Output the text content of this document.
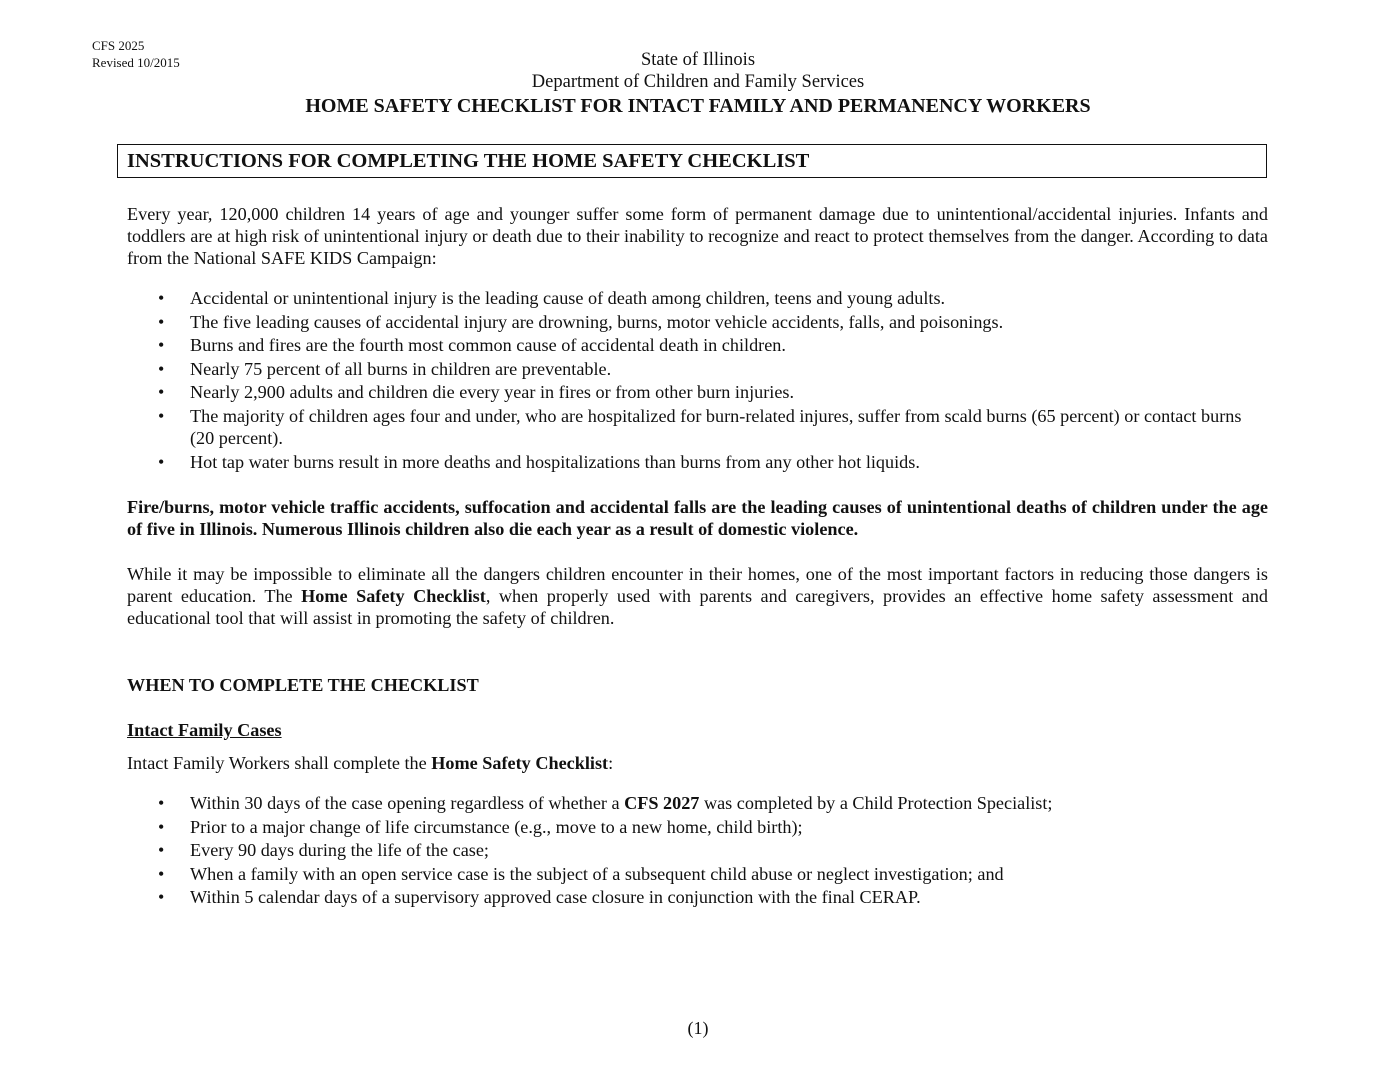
CFS 2025
Revised 10/2015	State of Illinois
Department of Children and Family Services
HOME SAFETY CHECKLIST FOR INTACT FAMILY AND PERMANENCY WORKERS
INSTRUCTIONS FOR COMPLETING THE HOME SAFETY CHECKLIST
Every year, 120,000 children 14 years of age and younger suffer some form of permanent damage due to unintentional/accidental injuries. Infants and toddlers are at high risk of unintentional injury or death due to their inability to recognize and react to protect themselves from the danger. According to data from the National SAFE KIDS Campaign:
• Accidental or unintentional injury is the leading cause of death among children, teens and young adults.
• The five leading causes of accidental injury are drowning, burns, motor vehicle accidents, falls, and poisonings.
• Burns and fires are the fourth most common cause of accidental death in children.
• Nearly 75 percent of all burns in children are preventable.
• Nearly 2,900 adults and children die every year in fires or from other burn injuries.
• The majority of children ages four and under, who are hospitalized for burn-related injures, suffer from scald burns (65 percent) or contact burns (20 percent).
• Hot tap water burns result in more deaths and hospitalizations than burns from any other hot liquids.
Fire/burns, motor vehicle traffic accidents, suffocation and accidental falls are the leading causes of unintentional deaths of children under the age of five in Illinois. Numerous Illinois children also die each year as a result of domestic violence.
While it may be impossible to eliminate all the dangers children encounter in their homes, one of the most important factors in reducing those dangers is parent education. The Home Safety Checklist, when properly used with parents and caregivers, provides an effective home safety assessment and educational tool that will assist in promoting the safety of children.
WHEN TO COMPLETE THE CHECKLIST
Intact Family Cases
Intact Family Workers shall complete the Home Safety Checklist:
• Within 30 days of the case opening regardless of whether a CFS 2027 was completed by a Child Protection Specialist;
• Prior to a major change of life circumstance (e.g., move to a new home, child birth);
• Every 90 days during the life of the case;
• When a family with an open service case is the subject of a subsequent child abuse or neglect investigation; and
• Within 5 calendar days of a supervisory approved case closure in conjunction with the final CERAP.
(1)
